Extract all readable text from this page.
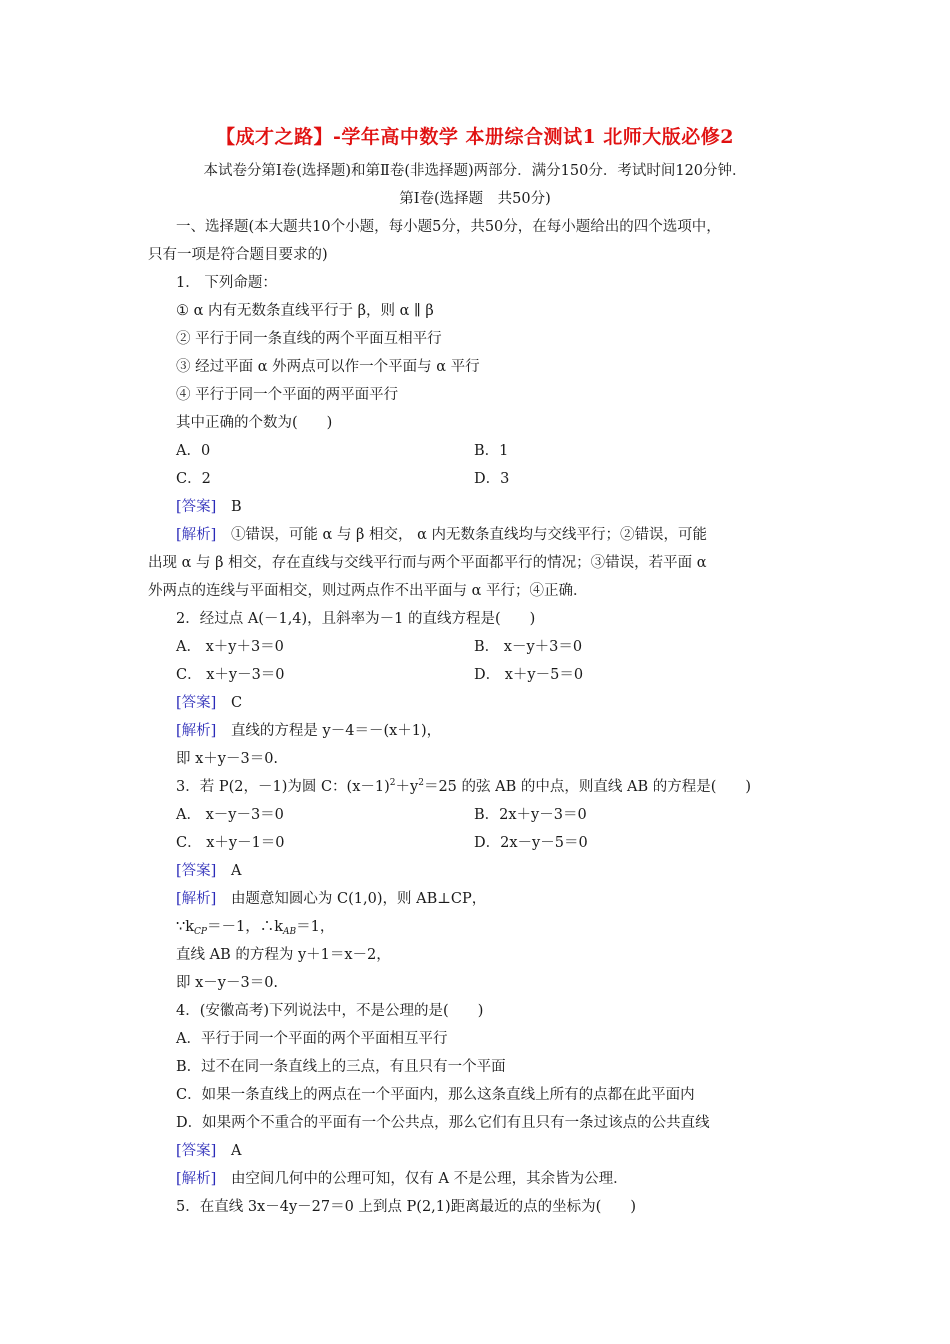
【成才之路】-学年高中数学 本册综合测试1 北师大版必修2
本试卷分第Ⅰ卷(选择题)和第Ⅱ卷(非选择题)两部分．满分150分．考试时间120分钟．
第Ⅰ卷(选择题　共50分)
一、选择题(本大题共10个小题，每小题5分，共50分，在每小题给出的四个选项中，
只有一项是符合题目要求的)
1． 下列命题：
① α 内有无数条直线平行于 β，则 α ∥ β
② 平行于同一条直线的两个平面互相平行
③ 经过平面 α 外两点可以作一个平面与 α 平行
④ 平行于同一个平面的两平面平行
其中正确的个数为(　　)
A．0	B．1
C．2	D．3
[答案] B
[解析] ①错误，可能 α 与 β 相交， α 内无数条直线均与交线平行；②错误，可能
出现 α 与 β 相交，存在直线与交线平行而与两个平面都平行的情况；③错误，若平面 α
外两点的连线与平面相交，则过两点作不出平面与 α 平行；④正确．
2．经过点 A(－1,4)，且斜率为－1 的直线方程是(　　)
A． x＋y＋3＝0	B． x－y＋3＝0
C． x＋y－3＝0	D． x＋y－5＝0
[答案] C
[解析] 直线的方程是 y－4＝－(x＋1)，
即 x＋y－3＝0.
3．若 P(2，－1)为圆 C：$(x-1)^2+y^2=25$ 的弦 AB 的中点，则直线 AB 的方程是(　　)
A． x－y－3＝0	B．2x＋y－3＝0
C． x＋y－1＝0	D．2x－y－5＝0
[答案] A
[解析] 由题意知圆心为 C(1,0)，则 AB⊥CP，
$\because k_{CP}=-1$，$\therefore k_{AB}=1$，
直线 AB 的方程为 y＋1＝x－2，
即 x－y－3＝0.
4．(安徽高考)下列说法中，不是公理的是(　　)
A．平行于同一个平面的两个平面相互平行
B．过不在同一条直线上的三点，有且只有一个平面
C．如果一条直线上的两点在一个平面内，那么这条直线上所有的点都在此平面内
D．如果两个不重合的平面有一个公共点，那么它们有且只有一条过该点的公共直线
[答案] A
[解析] 由空间几何中的公理可知，仅有 A 不是公理，其余皆为公理．
5．在直线 3x－4y－27＝0 上到点 P(2,1)距离最近的点的坐标为(　　)
